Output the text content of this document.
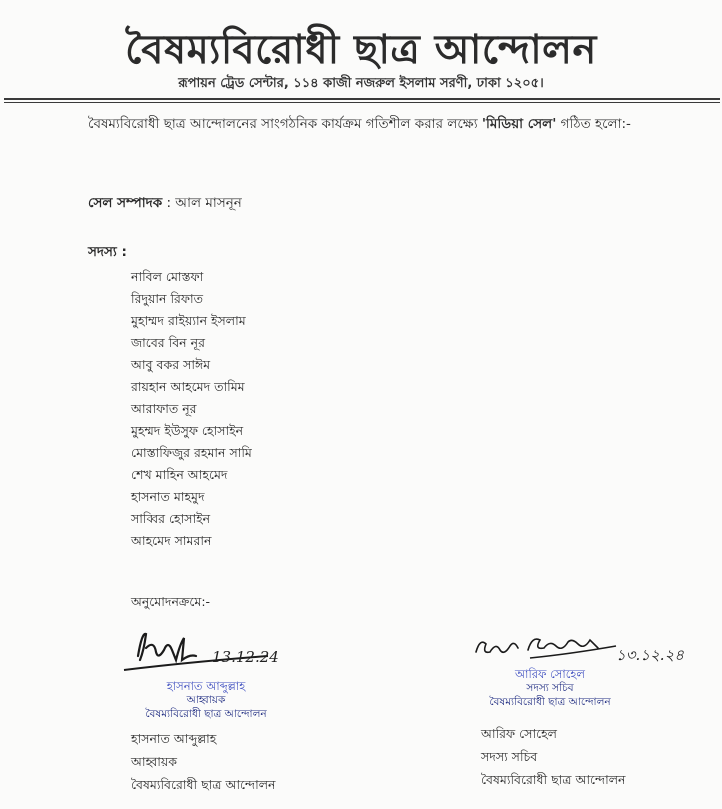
বৈষম্যবিরোধী ছাত্র আন্দোলন
রূপায়ন ট্রেড সেন্টার, ১১৪ কাজী নজরুল ইসলাম সরণী, ঢাকা ১২০৫।
বৈষম্যবিরোধী ছাত্র আন্দোলনের সাংগঠনিক কার্যক্রম গতিশীল করার লক্ষ্যে 'মিডিয়া সেল' গঠিত হলো:-
সেল সম্পাদক : আল মাসনূন
সদস্য :
নাবিল মোস্তফা
রিদুয়ান রিফাত
মুহাম্মদ রাইয়্যান ইসলাম
জাবের বিন নূর
আবু বকর সাঈম
রায়হান আহমেদ তামিম
আরাফাত নূর
মুহম্মদ ইউসুফ হোসাইন
মোস্তাফিজুর রহমান সামি
শেখ মাহিন আহমেদ
হাসনাত মাহমুদ
সাব্বির হোসাইন
আহমেদ সামরান
অনুমোদনক্রমে:-
13.12.24
হাসনাত আব্দুল্লাহ
আহ্বায়ক
বৈষম্যবিরোধী ছাত্র আন্দোলন
হাসনাত আব্দুল্লাহ
আহ্বায়ক
বৈষম্যবিরোধী ছাত্র আন্দোলন
১৩.১২.২৪
আরিফ সোহেল
সদস্য সচিব
বৈষম্যবিরোধী ছাত্র আন্দোলন
আরিফ সোহেল
সদস্য সচিব
বৈষম্যবিরোধী ছাত্র আন্দোলন
